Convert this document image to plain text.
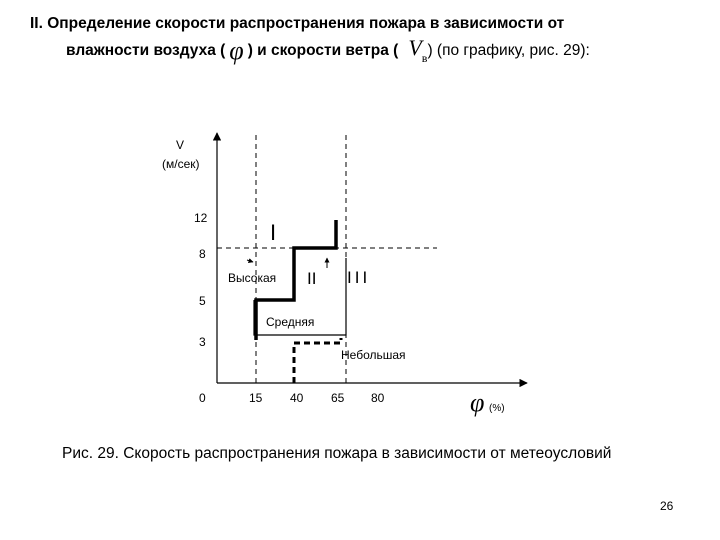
II. Определение скорости распространения пожара в зависимости от
влажности воздуха ( φ ) и скорости ветра ( $V_в$) (по графику, рис. 29):
V
(м/сек)
φ (%)
12
8
5
3
0	15 40 65 80
I
II III
Высокая
Средняя
Небольшая
Рис. 29. Скорость распространения пожара в зависимости от метеоусловий
26
